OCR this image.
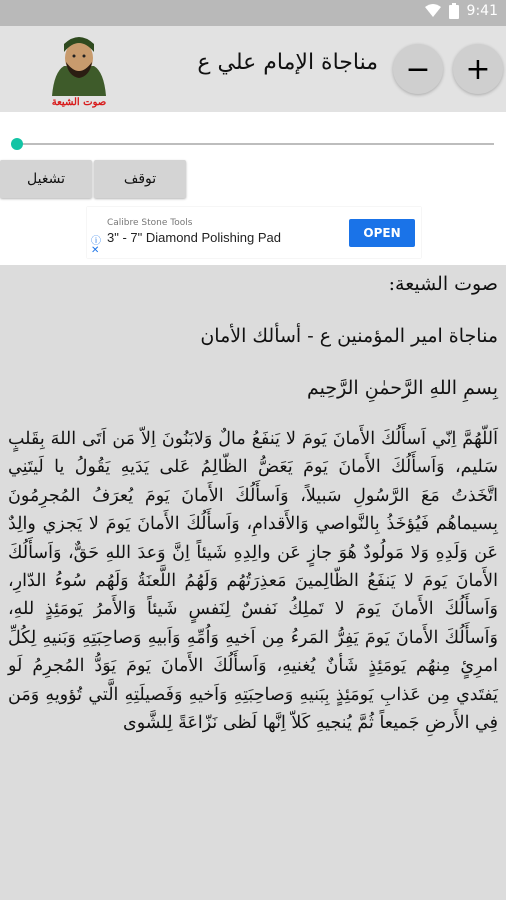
9:41
+
−
مناجاة الإمام علي ع
صوت الشيعة
توقف
تشغيل
ⓘ
✕
Calibre Stone Tools
3" - 7" Diamond Polishing Pad	OPEN

صوت الشيعة:

مناجاة امير المؤمنين ع - أسألك الأمان

بِسمِ اللهِ الرَّحمٰنِ الرَّحِيم

اَللّهُمَّ اِنّي اَسأَلُكَ الأَمانَ يَومَ لا يَنفَعُ مالٌ وَلابَنُونَ اِلاّ مَن اَتَى اللهَ بِقَلبٍ سَليم، وَاَسأَلُكَ الأَمانَ يَومَ يَعَضُّ الظّالِمُ عَلى يَدَيهِ يَقُولُ يا لَيتَنِي اتَّخَذتُ مَعَ الرَّسُولِ سَبيلاً، وَاَسأَلُكَ الأَمانَ يَومَ يُعرَفُ المُجرِمُونَ بِسيماهُم فَيُؤخَذُ بِالنَّواصي وَالأَقدامِ، وَاَسأَلُكَ الأَمانَ يَومَ لا يَجزي والِدٌ عَن وَلَدِهِ وَلا مَولُودٌ هُوَ جازٍ عَن والِدِهِ شَيئاً اِنَّ وَعدَ اللهِ حَقٌّ، وَاَسأَلُكَ الأَمانَ يَومَ لا يَنفَعُ الظّالِمينَ مَعذِرَتُهُم وَلَهُمُ اللَّعنَةُ وَلَهُم سُوءُ الدّارِ، وَاَسأَلُكَ الأَمانَ يَومَ لا تَملِكُ نَفسٌ لِنَفسٍ شَيئاً وَالأَمرُ يَومَئِذٍ للهِ، وَاَسأَلُكَ الأَمانَ يَومَ يَفِرُّ المَرءُ مِن اَخيهِ وَاُمِّهِ وَاَبيهِ وَصاحِبَتِهِ وَبَنيهِ لِكُلِّ امرِئٍ مِنهُم يَومَئِذٍ شَأنٌ يُغنيهِ، وَاَسأَلُكَ الأَمانَ يَومَ يَوَدُّ المُجرِمُ لَو يَفتَدي مِن عَذابِ يَومَئِذٍ بِبَنيهِ وَصاحِبَتِهِ وَاَخيهِ وَفَصيلَتِهِ الَّتي تُؤويهِ وَمَن فِي الأَرضِ جَميعاً ثُمَّ يُنجيهِ كَلاّ اِنَّها لَظى نَزّاعَةً لِلشَّوى
